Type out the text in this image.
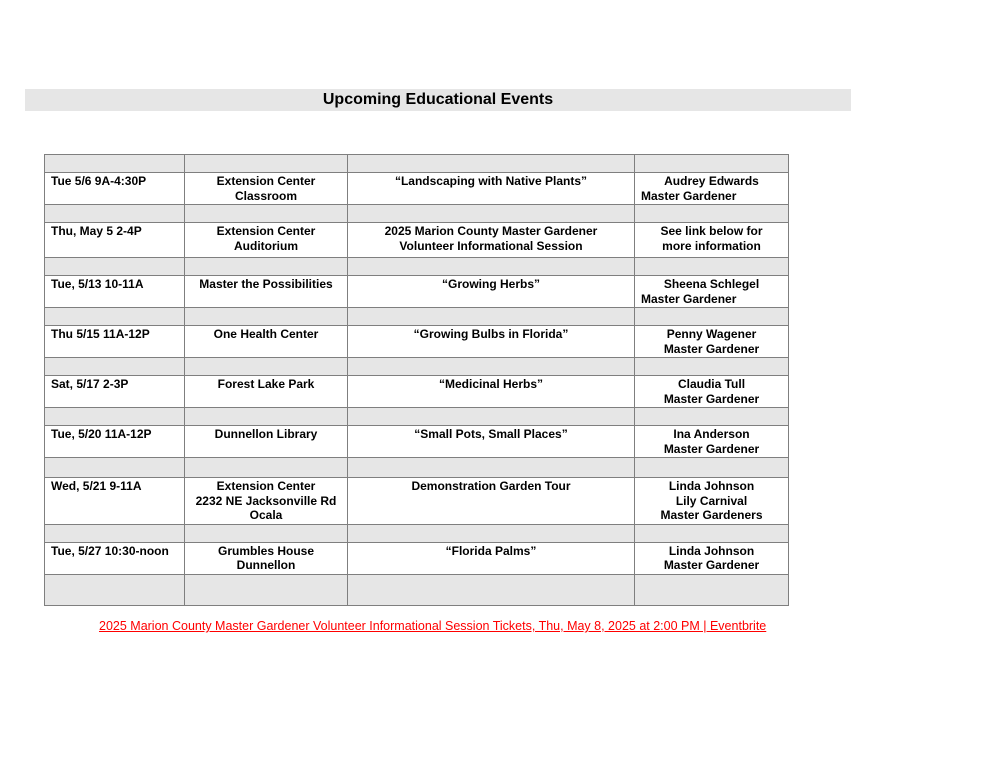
Upcoming Educational Events

Tue 5/6 9A-4:30P	Extension Center
Classroom	“Landscaping with Native Plants”	Audrey Edwards
Master Gardener

Thu, May 5 2-4P	Extension Center
Auditorium	2025 Marion County Master Gardener
Volunteer Informational Session	See link below for
more information

Tue, 5/13 10-11A	Master the Possibilities	“Growing Herbs”	Sheena Schlegel
Master Gardener

Thu 5/15 11A-12P	One Health Center	“Growing Bulbs in Florida”	Penny Wagener
Master Gardener

Sat, 5/17 2-3P	Forest Lake Park	“Medicinal Herbs”	Claudia Tull
Master Gardener

Tue, 5/20 11A-12P	Dunnellon Library	“Small Pots, Small Places”	Ina Anderson
Master Gardener

Wed, 5/21 9-11A	Extension Center
2232 NE Jacksonville Rd
Ocala	Demonstration Garden Tour	Linda Johnson
Lily Carnival
Master Gardeners

Tue, 5/27 10:30-noon	Grumbles House
Dunnellon	“Florida Palms”	Linda Johnson
Master Gardener

2025 Marion County Master Gardener Volunteer Informational Session Tickets, Thu, May 8, 2025 at 2:00 PM | Eventbrite
